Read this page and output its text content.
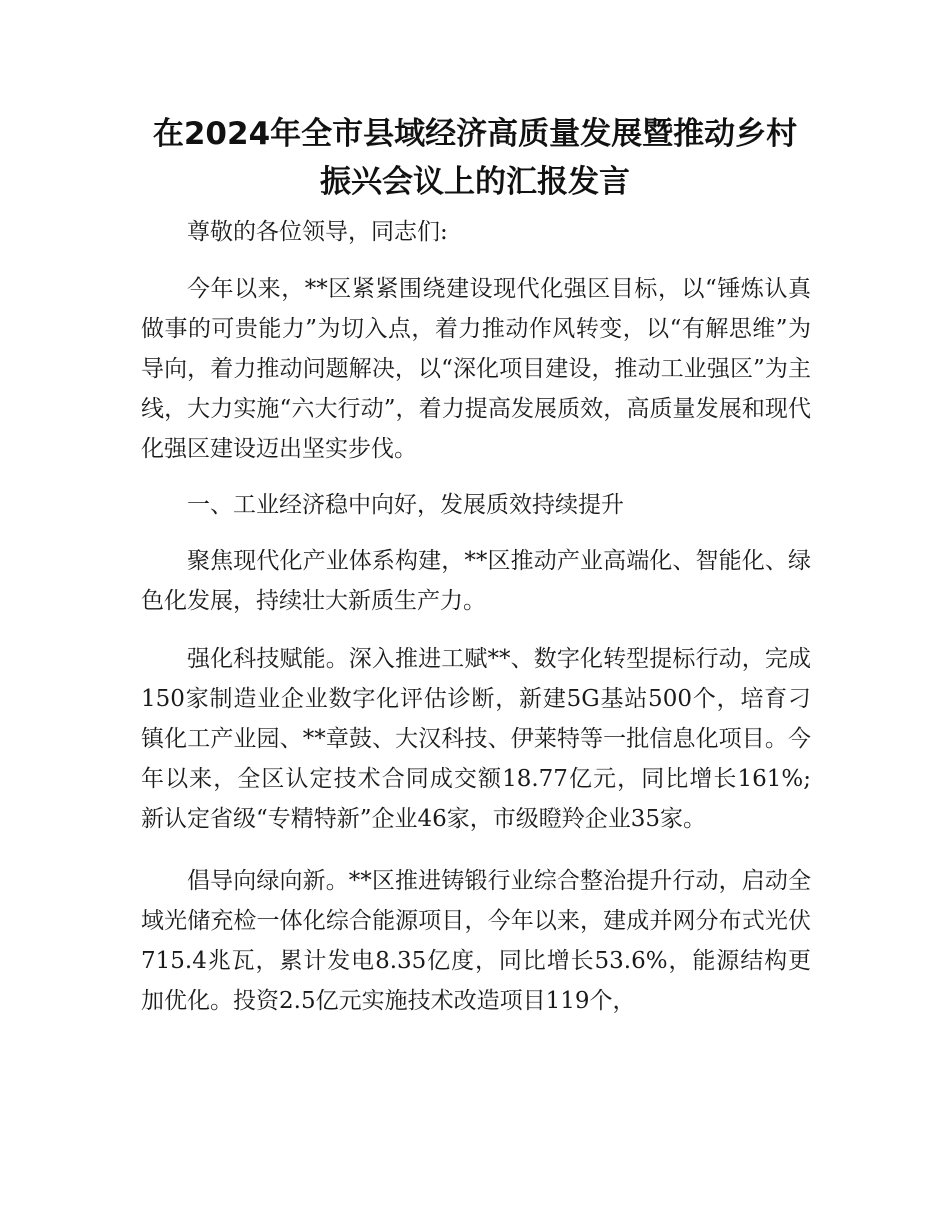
在2024年全市县域经济高质量发展暨推动乡村
振兴会议上的汇报发言

尊敬的各位领导，同志们:

今年以来，**区紧紧围绕建设现代化强区目标，以“锤炼认真做事的可贵能力”为切入点，着力推动作风转变，以“有解思维”为导向，着力推动问题解决，以“深化项目建设，推动工业强区”为主线，大力实施“六大行动”，着力提高发展质效，高质量发展和现代化强区建设迈出坚实步伐。

一、工业经济稳中向好，发展质效持续提升

聚焦现代化产业体系构建，**区推动产业高端化、智能化、绿色化发展，持续壮大新质生产力。

强化科技赋能。深入推进工赋**、数字化转型提标行动，完成150家制造业企业数字化评估诊断，新建5G基站500个，培育刁镇化工产业园、**章鼓、大汉科技、伊莱特等一批信息化项目。今年以来，全区认定技术合同成交额18.77亿元，同比增长161%; 新认定省级“专精特新”企业46家，市级瞪羚企业35家。

倡导向绿向新。**区推进铸锻行业综合整治提升行动，启动全域光储充检一体化综合能源项目，今年以来，建成并网分布式光伏715.4兆瓦，累计发电8.35亿度，同比增长53.6%，能源结构更加优化。投资2.5亿元实施技术改造项目119个，
